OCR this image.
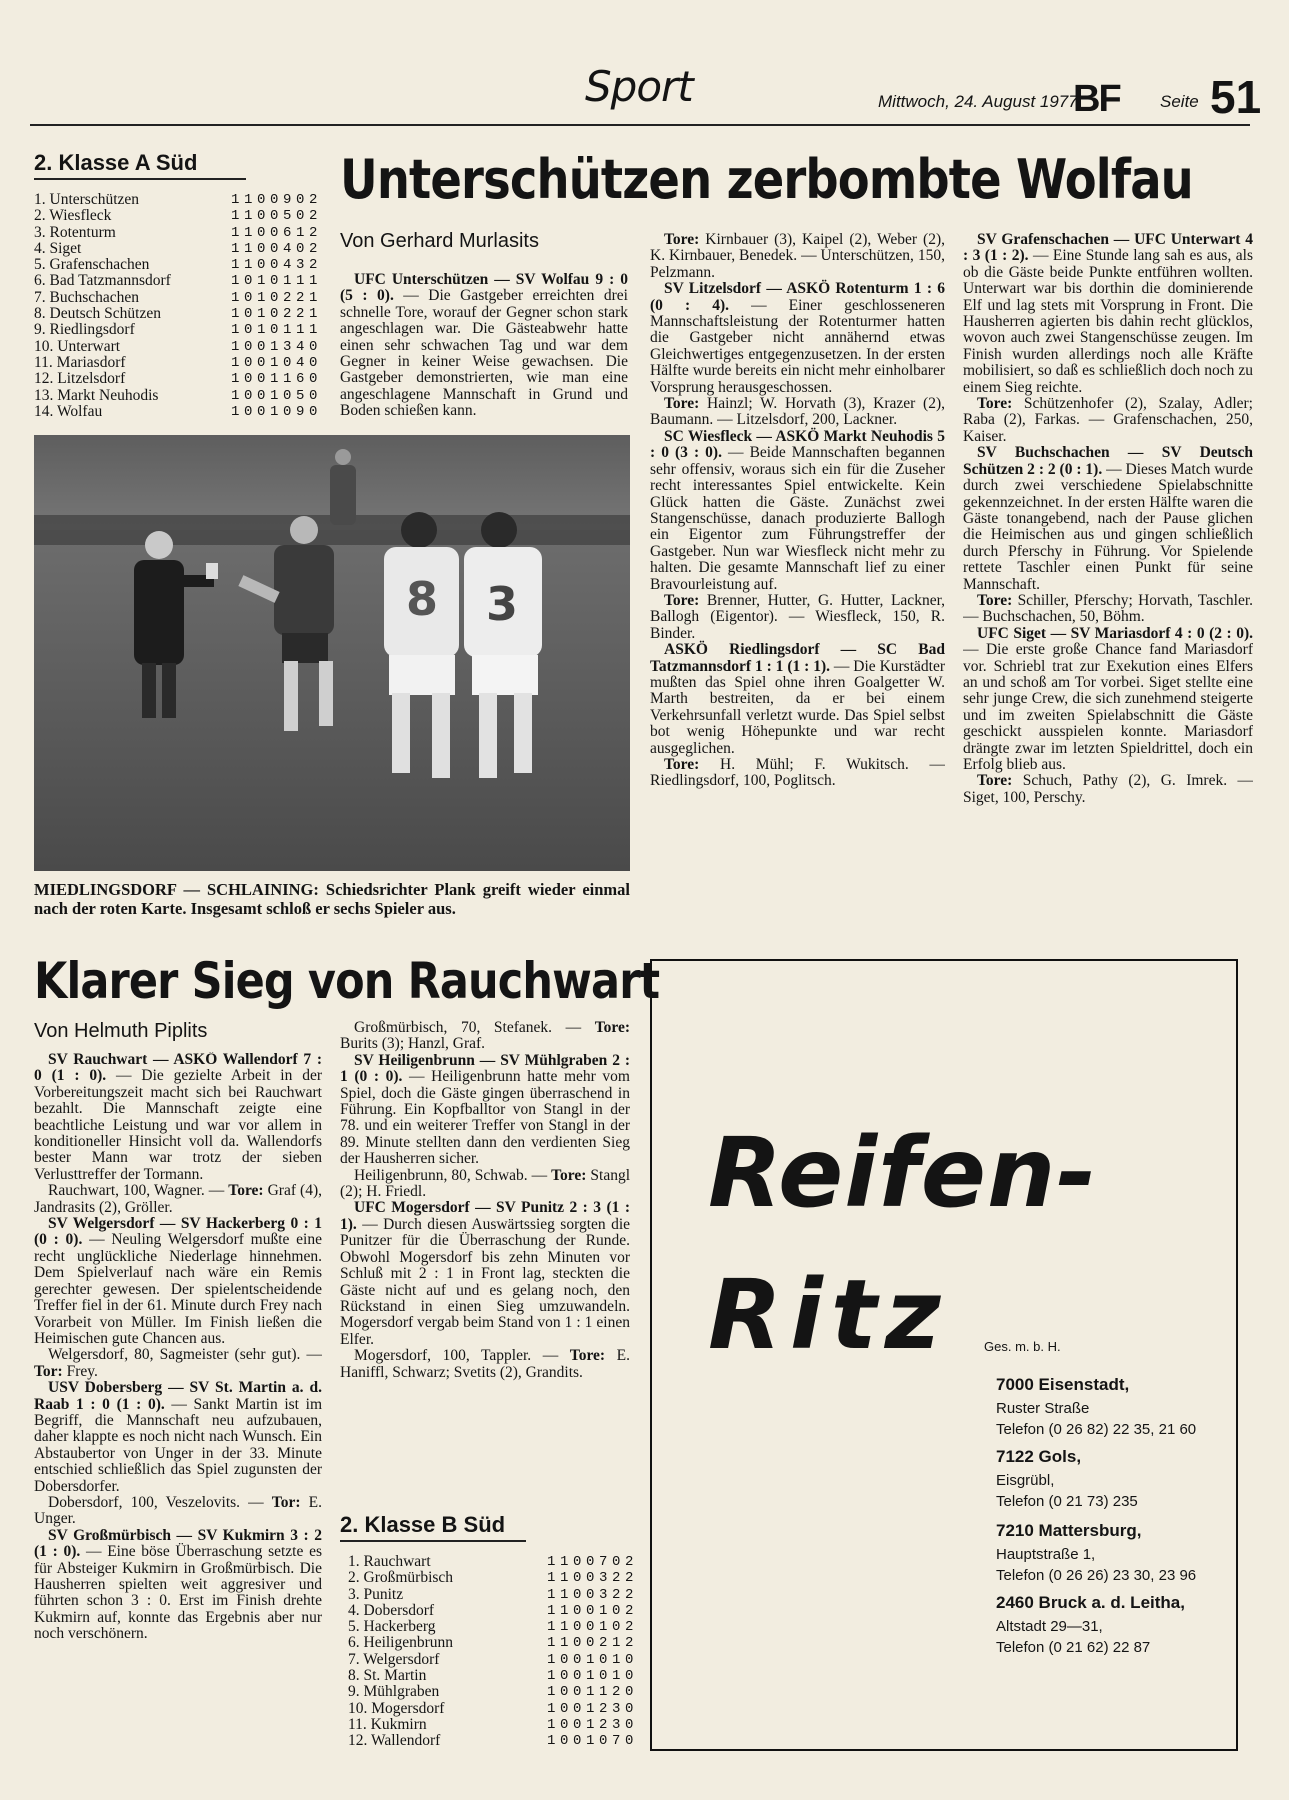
Sport	Mittwoch, 24. August 1977
BF Seite 51
2. Klasse A Süd
1. Unterschützen	1100902
2. Wiesfleck	1100502
3. Rotenturm	1100612
4. Siget	1100402
5. Grafenschachen	1100432
6. Bad Tatzmannsdorf	1010111
7. Buchschachen	1010221
8. Deutsch Schützen	1010221
9. Riedlingsdorf	1010111
10. Unterwart	1001340
11. Mariasdorf	1001040
12. Litzelsdorf	1001160
13. Markt Neuhodis	1001050
14. Wolfau	1001090
Unterschützen zerbombte Wolfau
Von Gerhard Murlasits

UFC Unterschützen — SV Wolfau 9 : 0 (5 : 0). — Die Gastgeber erreichten drei schnelle Tore, worauf der Gegner schon stark angeschlagen war. Die Gästeabwehr hatte einen sehr schwachen Tag und war dem Gegner in keiner Weise gewachsen. Die Gastgeber demonstrierten, wie man eine angeschlagene Mannschaft in Grund und Boden schießen kann.

8 3
MIEDLINGSDORF — SCHLAINING: Schiedsrichter Plank greift wieder einmal nach der roten Karte. Insgesamt schloß er sechs Spieler aus.

Tore: Kirnbauer (3), Kaipel (2), Weber (2), K. Kirnbauer, Benedek. — Unterschützen, 150, Pelzmann.

SV Litzelsdorf — ASKÖ Rotenturm 1 : 6 (0 : 4). — Einer geschlosseneren Mannschaftsleistung der Rotenturmer hatten die Gastgeber nicht annähernd etwas Gleichwertiges entgegenzusetzen. In der ersten Hälfte wurde bereits ein nicht mehr einholbarer Vorsprung herausgeschossen.

Tore: Hainzl; W. Horvath (3), Krazer (2), Baumann. — Litzelsdorf, 200, Lackner.

SC Wiesfleck — ASKÖ Markt Neuhodis 5 : 0 (3 : 0). — Beide Mannschaften begannen sehr offensiv, woraus sich ein für die Zuseher recht interessantes Spiel entwickelte. Kein Glück hatten die Gäste. Zunächst zwei Stangenschüsse, danach produzierte Ballogh ein Eigentor zum Führungstreffer der Gastgeber. Nun war Wiesfleck nicht mehr zu halten. Die gesamte Mannschaft lief zu einer Bravourleistung auf.

Tore: Brenner, Hutter, G. Hutter, Lackner, Ballogh (Eigentor). — Wiesfleck, 150, R. Binder.

ASKÖ Riedlingsdorf — SC Bad Tatzmannsdorf 1 : 1 (1 : 1). — Die Kurstädter mußten das Spiel ohne ihren Goalgetter W. Marth bestreiten, da er bei einem Verkehrsunfall verletzt wurde. Das Spiel selbst bot wenig Höhepunkte und war recht ausgeglichen.

Tore: H. Mühl; F. Wukitsch. — Riedlingsdorf, 100, Poglitsch.

SV Grafenschachen — UFC Unterwart 4 : 3 (1 : 2). — Eine Stunde lang sah es aus, als ob die Gäste beide Punkte entführen wollten. Unterwart war bis dorthin die dominierende Elf und lag stets mit Vorsprung in Front. Die Hausherren agierten bis dahin recht glücklos, wovon auch zwei Stangenschüsse zeugen. Im Finish wurden allerdings noch alle Kräfte mobilisiert, so daß es schließlich doch noch zu einem Sieg reichte.

Tore: Schützenhofer (2), Szalay, Adler; Raba (2), Farkas. — Grafenschachen, 250, Kaiser.

SV Buchschachen — SV Deutsch Schützen 2 : 2 (0 : 1). — Dieses Match wurde durch zwei verschiedene Spielabschnitte gekennzeichnet. In der ersten Hälfte waren die Gäste tonangebend, nach der Pause glichen die Heimischen aus und gingen schließlich durch Pferschy in Führung. Vor Spielende rettete Taschler einen Punkt für seine Mannschaft.

Tore: Schiller, Pferschy; Horvath, Taschler. — Buchschachen, 50, Böhm.

UFC Siget — SV Mariasdorf 4 : 0 (2 : 0). — Die erste große Chance fand Mariasdorf vor. Schriebl trat zur Exekution eines Elfers an und schoß am Tor vorbei. Siget stellte eine sehr junge Crew, die sich zunehmend steigerte und im zweiten Spielabschnitt die Gäste geschickt ausspielen konnte. Mariasdorf drängte zwar im letzten Spieldrittel, doch ein Erfolg blieb aus.

Tore: Schuch, Pathy (2), G. Imrek. — Siget, 100, Perschy.

Klarer Sieg von Rauchwart
Von Helmuth Piplits

SV Rauchwart — ASKÖ Wallendorf 7 : 0 (1 : 0). — Die gezielte Arbeit in der Vorbereitungszeit macht sich bei Rauchwart bezahlt. Die Mannschaft zeigte eine beachtliche Leistung und war vor allem in konditioneller Hinsicht voll da. Wallendorfs bester Mann war trotz der sieben Verlusttreffer der Tormann.

Rauchwart, 100, Wagner. — Tore: Graf (4), Jandrasits (2), Gröller.

SV Welgersdorf — SV Hackerberg 0 : 1 (0 : 0). — Neuling Welgersdorf mußte eine recht unglückliche Niederlage hinnehmen. Dem Spielverlauf nach wäre ein Remis gerechter gewesen. Der spielentscheidende Treffer fiel in der 61. Minute durch Frey nach Vorarbeit von Müller. Im Finish ließen die Heimischen gute Chancen aus.

Welgersdorf, 80, Sagmeister (sehr gut). — Tor: Frey.

USV Dobersberg — SV St. Martin a. d. Raab 1 : 0 (1 : 0). — Sankt Martin ist im Begriff, die Mannschaft neu aufzubauen, daher klappte es noch nicht nach Wunsch. Ein Abstaubertor von Unger in der 33. Minute entschied schließlich das Spiel zugunsten der Dobersdorfer.

Dobersdorf, 100, Veszelovits. — Tor: E. Unger.

SV Großmürbisch — SV Kukmirn 3 : 2 (1 : 0). — Eine böse Überraschung setzte es für Absteiger Kukmirn in Großmürbisch. Die Hausherren spielten weit aggresiver und führten schon 3 : 0. Erst im Finish drehte Kukmirn auf, konnte das Ergebnis aber nur noch verschönern.

Großmürbisch, 70, Stefanek. — Tore: Burits (3); Hanzl, Graf.

SV Heiligenbrunn — SV Mühlgraben 2 : 1 (0 : 0). — Heiligenbrunn hatte mehr vom Spiel, doch die Gäste gingen überraschend in Führung. Ein Kopfballtor von Stangl in der 78. und ein weiterer Treffer von Stangl in der 89. Minute stellten dann den verdienten Sieg der Hausherren sicher.

Heiligenbrunn, 80, Schwab. — Tore: Stangl (2); H. Friedl.

UFC Mogersdorf — SV Punitz 2 : 3 (1 : 1). — Durch diesen Auswärtssieg sorgten die Punitzer für die Überraschung der Runde. Obwohl Mogersdorf bis zehn Minuten vor Schluß mit 2 : 1 in Front lag, steckten die Gäste nicht auf und es gelang noch, den Rückstand in einen Sieg umzuwandeln. Mogersdorf vergab beim Stand von 1 : 1 einen Elfer.

Mogersdorf, 100, Tappler. — Tore: E. Haniffl, Schwarz; Svetits (2), Grandits.

2. Klasse B Süd
1. Rauchwart	1100702
2. Großmürbisch	1100322
3. Punitz	1100322
4. Dobersdorf	1100102
5. Hackerberg	1100102
6. Heiligenbrunn	1100212
7. Welgersdorf	1001010
8. St. Martin	1001010
9. Mühlgraben	1001120
10. Mogersdorf	1001230
11. Kukmirn	1001230
12. Wallendorf	1001070
Reifen-
Ritz	Ges. m. b. H.
7000 Eisenstadt,
Ruster Straße
Telefon (0 26 82) 22 35, 21 60
7122 Gols,
Eisgrübl,
Telefon (0 21 73) 235
7210 Mattersburg,
Hauptstraße 1,
Telefon (0 26 26) 23 30, 23 96
2460 Bruck a. d. Leitha,
Altstadt 29—31,
Telefon (0 21 62) 22 87
